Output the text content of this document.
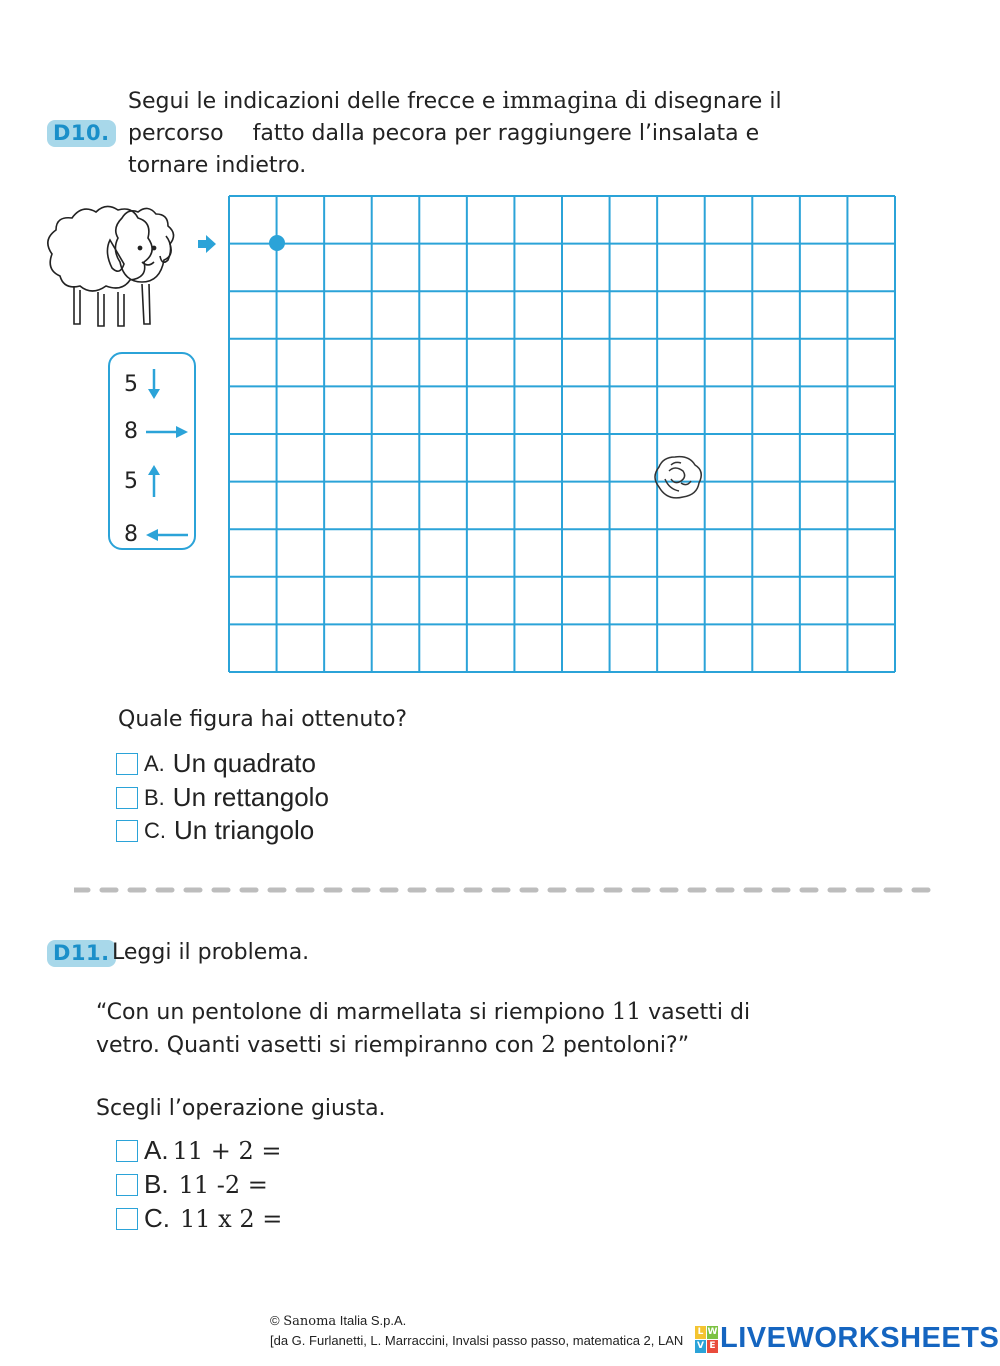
D10.
Segui le indicazioni delle frecce e immagina di disegnare il
percorso fatto dalla pecora per raggiungere l’insalata e
tornare indietro.
5
8
5
8
Quale figura hai ottenuto?
A. Un quadrato
B. Un rettangolo
C. Un triangolo
D11. Leggi il problema.
“Con un pentolone di marmellata si riempiono 11 vasetti di
vetro. Quanti vasetti si riempiranno con 2 pentoloni?”
Scegli l’operazione giusta.
A. 11 + 2 =
B. 11 -2 =
C. 11 x 2 =
© Sanoma Italia S.p.A.
[da G. Furlanetti, L. Marraccini, Invalsi passo passo, matematica 2, LAN
L W
V E LIVEWORKSHEETS
